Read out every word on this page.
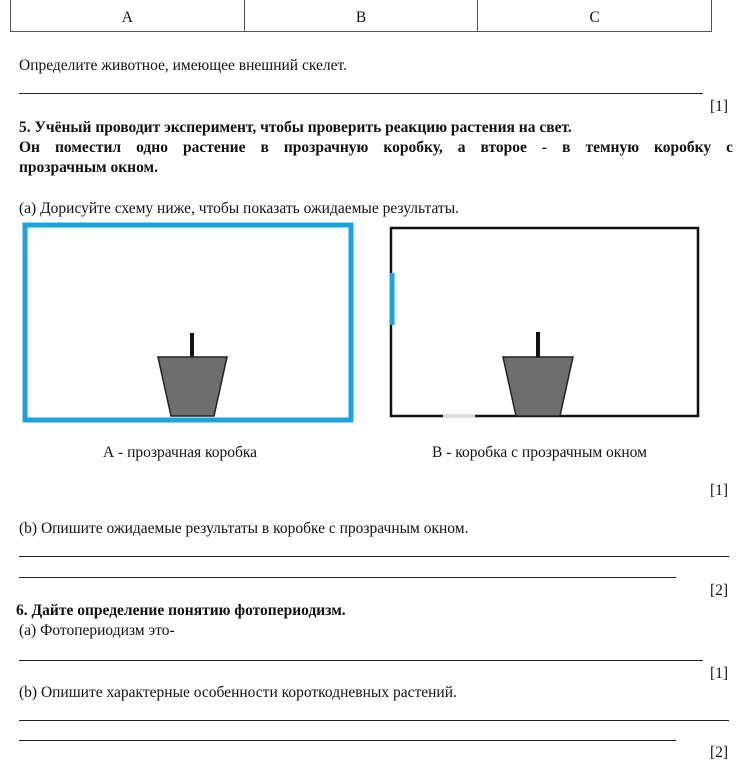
A	B	C
Определите животное, имеющее внешний скелет.
[1]
5. Учёный проводит эксперимент, чтобы проверить реакцию растения на свет.
Он поместил одно растение в прозрачную коробку, а второе - в темную коробку с
прозрачным окном.
(a) Дорисуйте схему ниже, чтобы показать ожидаемые результаты.
А - прозрачная коробка	В - коробка с прозрачным окном
[1]
(b) Опишите ожидаемые результаты в коробке с прозрачным окном.
[2]
6. Дайте определение понятию фотопериодизм.
(a) Фотопериодизм это-
[1]
(b) Опишите характерные особенности короткодневных растений.
[2]
